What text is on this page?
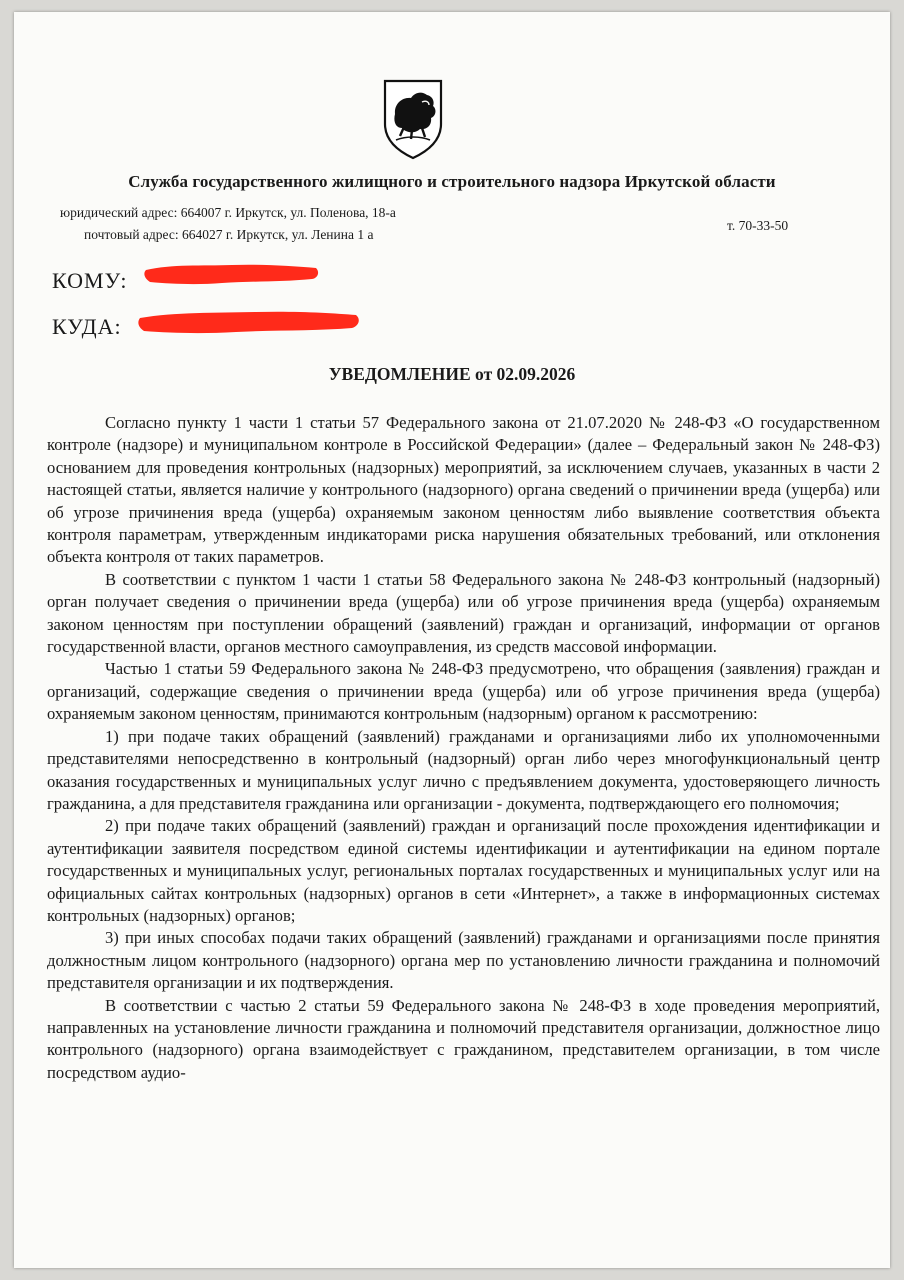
Служба государственного жилищного и строительного надзора Иркутской области
юридический адрес: 664007 г. Иркутск, ул. Поленова, 18-а
почтовый адрес: 664027 г. Иркутск, ул. Ленина 1 а
т. 70-33-50
КОМУ:
КУДА:
УВЕДОМЛЕНИЕ от 02.09.2026

Согласно пункту 1 части 1 статьи 57 Федерального закона от 21.07.2020 № 248-ФЗ «О государственном контроле (надзоре) и муниципальном контроле в Российской Федерации» (далее – Федеральный закон № 248-ФЗ) основанием для проведения контрольных (надзорных) мероприятий, за исключением случаев, указанных в части 2 настоящей статьи, является наличие у контрольного (надзорного) органа сведений о причинении вреда (ущерба) или об угрозе причинения вреда (ущерба) охраняемым законом ценностям либо выявление соответствия объекта контроля параметрам, утвержденным индикаторами риска нарушения обязательных требований, или отклонения объекта контроля от таких параметров.

В соответствии с пунктом 1 части 1 статьи 58 Федерального закона № 248-ФЗ контрольный (надзорный) орган получает сведения о причинении вреда (ущерба) или об угрозе причинения вреда (ущерба) охраняемым законом ценностям при поступлении обращений (заявлений) граждан и организаций, информации от органов государственной власти, органов местного самоуправления, из средств массовой информации.

Частью 1 статьи 59 Федерального закона № 248-ФЗ предусмотрено, что обращения (заявления) граждан и организаций, содержащие сведения о причинении вреда (ущерба) или об угрозе причинения вреда (ущерба) охраняемым законом ценностям, принимаются контрольным (надзорным) органом к рассмотрению:

1) при подаче таких обращений (заявлений) гражданами и организациями либо их уполномоченными представителями непосредственно в контрольный (надзорный) орган либо через многофункциональный центр оказания государственных и муниципальных услуг лично с предъявлением документа, удостоверяющего личность гражданина, а для представителя гражданина или организации - документа, подтверждающего его полномочия;

2) при подаче таких обращений (заявлений) граждан и организаций после прохождения идентификации и аутентификации заявителя посредством единой системы идентификации и аутентификации на едином портале государственных и муниципальных услуг, региональных порталах государственных и муниципальных услуг или на официальных сайтах контрольных (надзорных) органов в сети «Интернет», а также в информационных системах контрольных (надзорных) органов;

3) при иных способах подачи таких обращений (заявлений) гражданами и организациями после принятия должностным лицом контрольного (надзорного) органа мер по установлению личности гражданина и полномочий представителя организации и их подтверждения.

В соответствии с частью 2 статьи 59 Федерального закона № 248-ФЗ в ходе проведения мероприятий, направленных на установление личности гражданина и полномочий представителя организации, должностное лицо контрольного (надзорного) органа взаимодействует с гражданином, представителем организации, в том числе посредством аудио-
